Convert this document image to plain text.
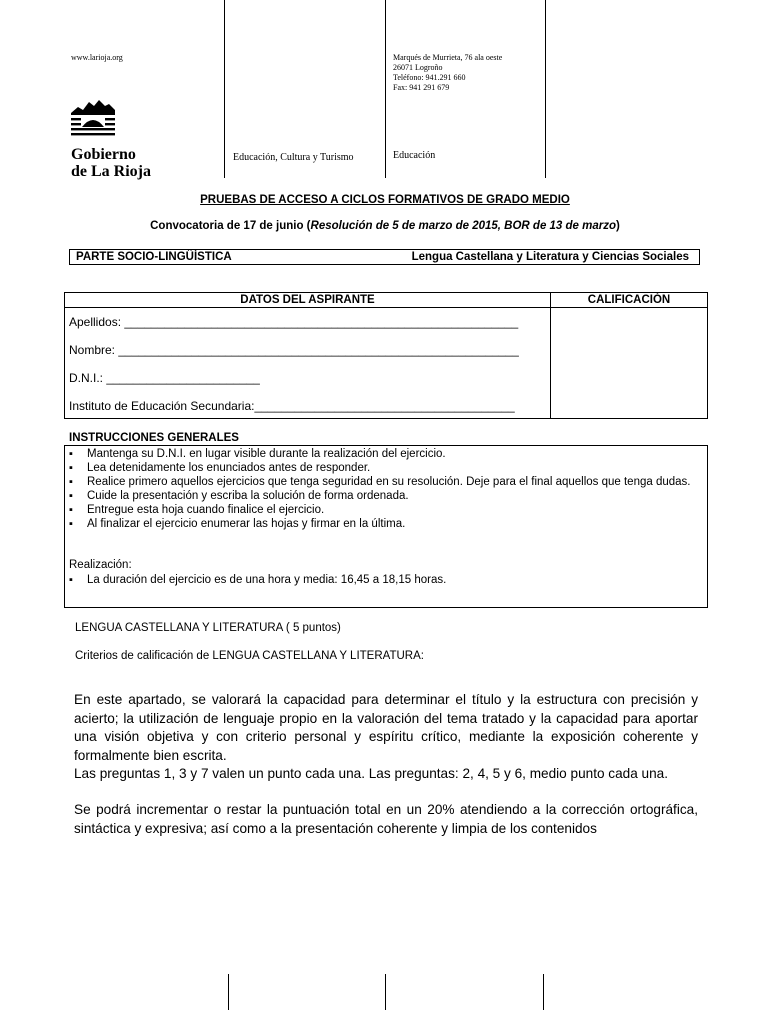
www.larioja.org	Marqués de Murrieta, 76 ala oeste
26071 Logroño
Teléfono: 941.291 660
Fax: 941 291 679
Gobierno
de La Rioja
Educación, Cultura y Turismo	Educación
PRUEBAS DE ACCESO A CICLOS FORMATIVOS DE GRADO MEDIO
Convocatoria de 17 de junio (Resolución de 5 de marzo de 2015, BOR de 13 de marzo)
PARTE SOCIO-LINGÜÍSTICA	Lengua Castellana y Literatura y Ciencias Sociales
DATOS DEL ASPIRANTE	CALIFICACIÓN
Apellidos: ___________________________________________________________
Nombre: ____________________________________________________________
D.N.I.: _______________________
Instituto de Educación Secundaria:_______________________________________
INSTRUCCIONES GENERALES
▪ Mantenga su D.N.I. en lugar visible durante la realización del ejercicio.
▪ Lea detenidamente los enunciados antes de responder.
▪ Realice primero aquellos ejercicios que tenga seguridad en su resolución. Deje para el final aquellos que tenga dudas.
▪ Cuide la presentación y escriba la solución de forma ordenada.
▪ Entregue esta hoja cuando finalice el ejercicio.
▪ Al finalizar el ejercicio enumerar las hojas y firmar en la última.
Realización:
▪ La duración del ejercicio es de una hora y media: 16,45 a 18,15 horas.
LENGUA CASTELLANA Y LITERATURA ( 5 puntos)
Criterios de calificación de LENGUA CASTELLANA Y LITERATURA:
En este apartado, se valorará la capacidad para determinar el título y la estructura con precisión y acierto; la utilización de lenguaje propio en la valoración del tema tratado y la capacidad para aportar una visión objetiva y con criterio personal y espíritu crítico, mediante la exposición coherente y formalmente bien escrita.
Las preguntas 1, 3 y 7 valen un punto cada una. Las preguntas: 2, 4, 5 y 6, medio punto cada una.
Se podrá incrementar o restar la puntuación total en un 20% atendiendo a la corrección ortográfica, sintáctica y expresiva; así como a la presentación coherente y limpia de los contenidos
